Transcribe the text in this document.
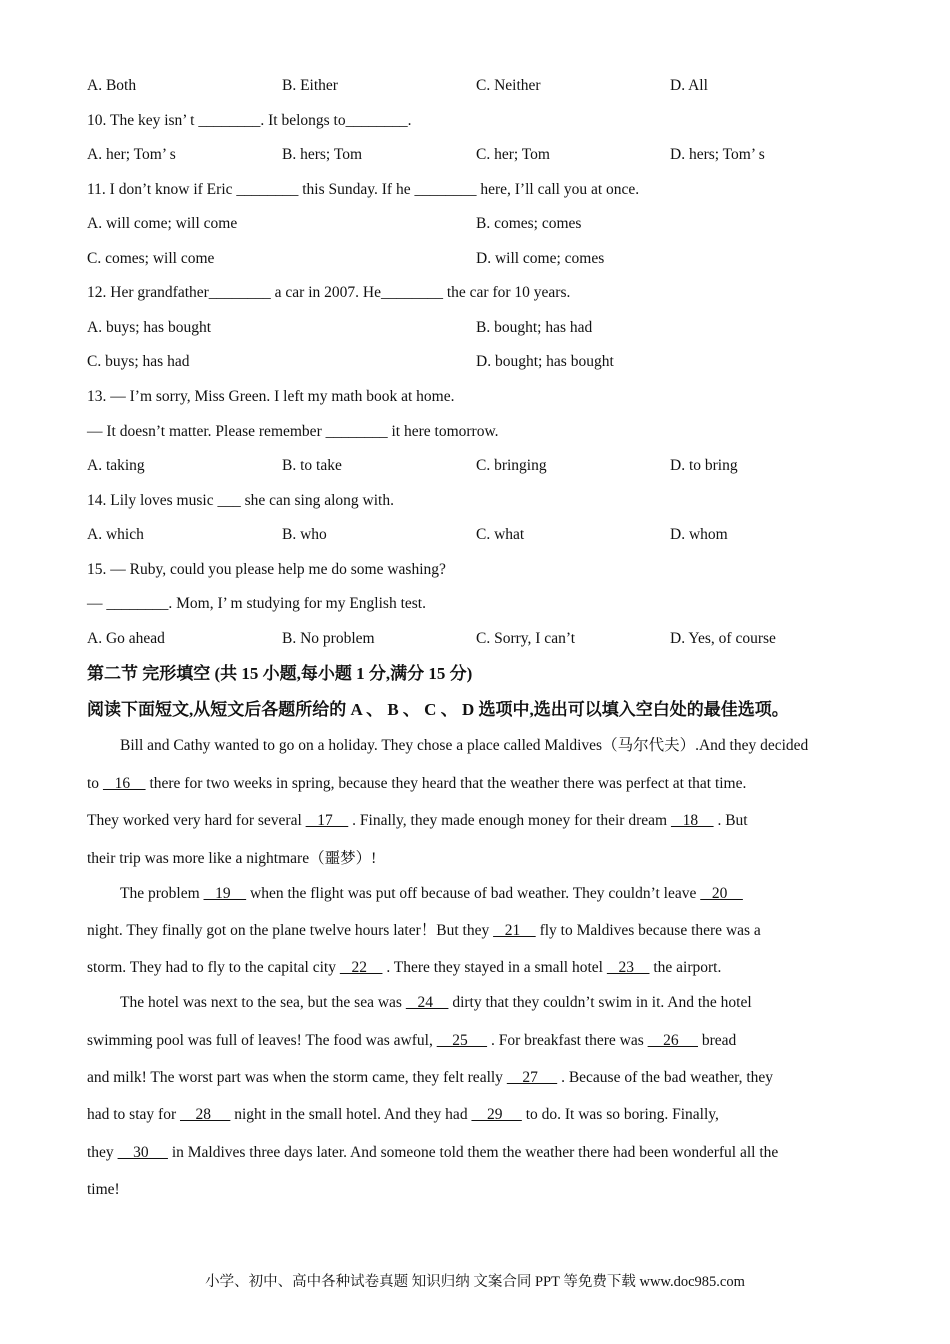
A. Both	B. Either	C. Neither	D. All
10. The key isn’ t ________. It belongs to________.
A. her; Tom’ s	B. hers; Tom	C. her; Tom	D. hers; Tom’ s
11. I don’t know if Eric ________ this Sunday. If he ________ here, I’ll call you at once.
A. will come; will come	B. comes; comes
C. comes; will come	D. will come; comes
12. Her grandfather________ a car in 2007. He________ the car for 10 years.
A. buys; has bought	B. bought; has had
C. buys; has had	D. bought; has bought
13. — I’m sorry, Miss Green. I left my math book at home.
— It doesn’t matter. Please remember ________ it here tomorrow.
A. taking	B. to take	C. bringing	D. to bring
14. Lily loves music ___ she can sing along with.
A. which	B. who	C. what	D. whom
15. — Ruby, could you please help me do some washing?
— ________. Mom, I’ m studying for my English test.
A. Go ahead	B. No problem	C. Sorry, I can’t	D. Yes, of course
第二节 完形填空 (共 15 小题,每小题 1 分,满分 15 分)
阅读下面短文,从短文后各题所给的 A 、 B 、 C 、 D 选项中,选出可以填入空白处的最佳选项。
Bill and Cathy wanted to go on a holiday. They chose a place called Maldives（马尔代夫）.And they decided
to    16     there for two weeks in spring, because they heard that the weather there was perfect at that time.
They worked very hard for several    17     . Finally, they made enough money for their dream    18     . But
their trip was more like a nightmare（噩梦）!
The problem    19     when the flight was put off because of bad weather. They couldn’t leave    20
night. They finally got on the plane twelve hours later！But they    21     fly to Maldives because there was a
storm. They had to fly to the capital city    22     . There they stayed in a small hotel    23     the airport.
The hotel was next to the sea, but the sea was    24     dirty that they couldn’t swim in it. And the hotel
swimming pool was full of leaves! The food was awful,     25      . For breakfast there was     26      bread
and milk! The worst part was when the storm came, they felt really     27      . Because of the bad weather, they
had to stay for     28      night in the small hotel. And they had     29      to do. It was so boring. Finally,
they     30      in Maldives three days later. And someone told them the weather there had been wonderful all the
time!
小学、初中、高中各种试卷真题 知识归纳 文案合同 PPT 等免费下载 www.doc985.com
